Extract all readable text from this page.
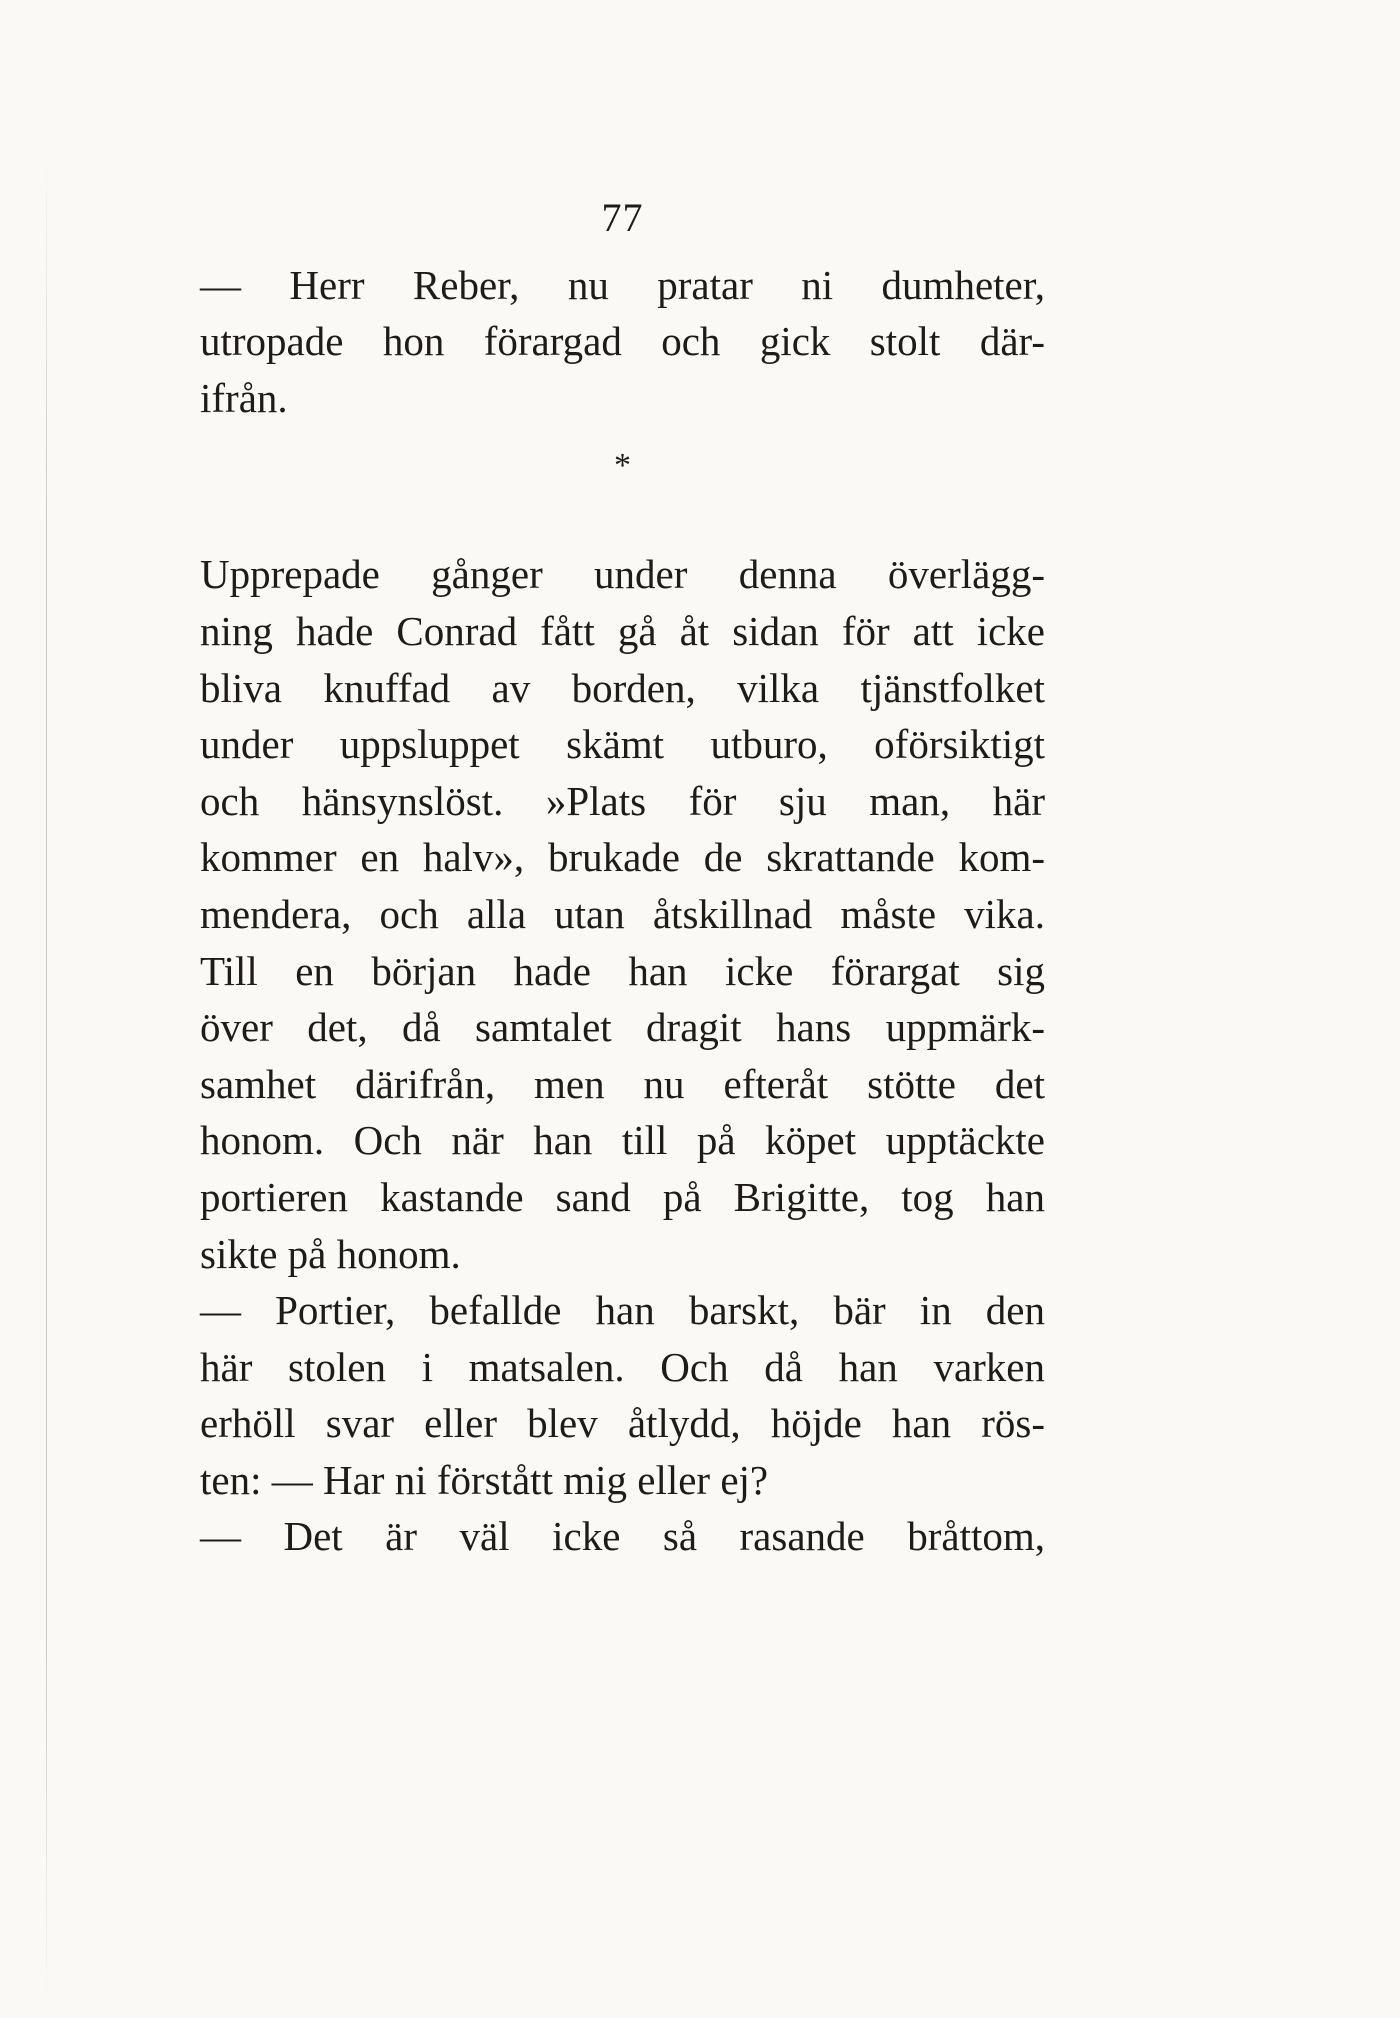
77
— Herr Reber, nu pratar ni dumheter,
utropade hon förargad och gick stolt där-
ifrån.
*
Upprepade gånger under denna överlägg-
ning hade Conrad fått gå åt sidan för att icke
bliva knuffad av borden, vilka tjänstfolket
under uppsluppet skämt utburo, oförsiktigt
och hänsynslöst. »Plats för sju man, här
kommer en halv», brukade de skrattande kom-
mendera, och alla utan åtskillnad måste vika.
Till en början hade han icke förargat sig
över det, då samtalet dragit hans uppmärk-
samhet därifrån, men nu efteråt stötte det
honom. Och när han till på köpet upptäckte
portieren kastande sand på Brigitte, tog han
sikte på honom.
— Portier, befallde han barskt, bär in den
här stolen i matsalen. Och då han varken
erhöll svar eller blev åtlydd, höjde han rös-
ten: — Har ni förstått mig eller ej?
— Det är väl icke så rasande bråttom,
